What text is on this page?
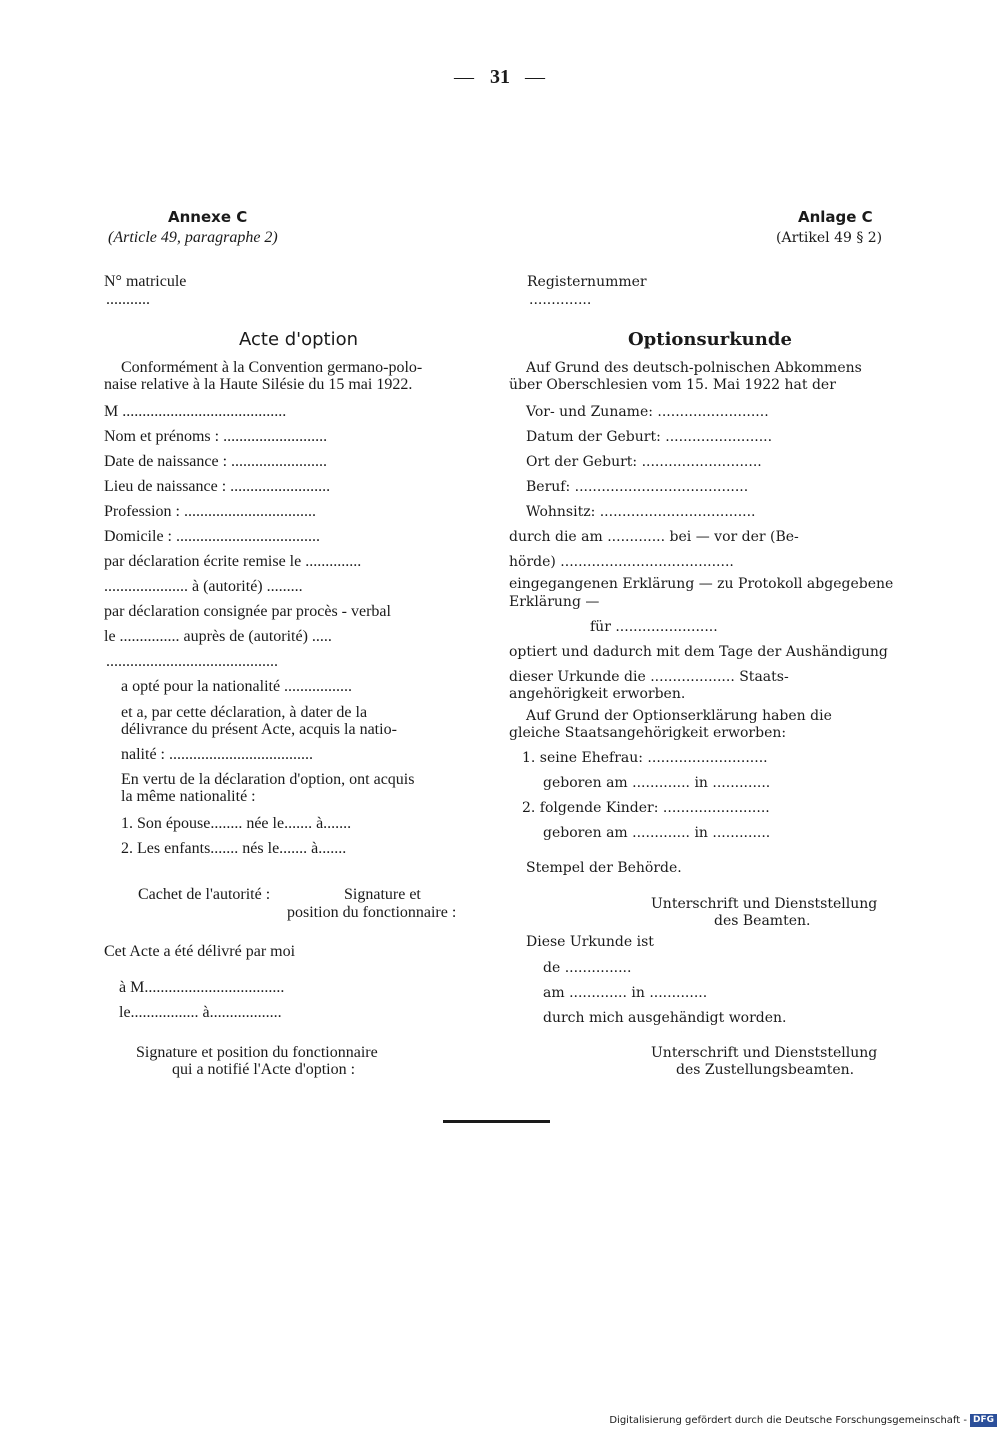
— 31 —
Annexe C
(Article 49, paragraphe 2)
N° matricule
...........
Acte d'option
Conformément à la Convention germano-polo-
naise relative à la Haute Silésie du 15 mai 1922.
M .........................................
Nom et prénoms : ..........................
Date de naissance : ........................
Lieu de naissance : .........................
Profession : .................................
Domicile : ....................................
par déclaration écrite remise le ..............
..................... à (autorité) .........
par déclaration consignée par procès - verbal
le ............... auprès de (autorité) .....
...........................................
a opté pour la nationalité .................
et a, par cette déclaration, à dater de la
délivrance du présent Acte, acquis la natio-
nalité : ....................................
En vertu de la déclaration d'option, ont acquis
la même nationalité :
1. Son épouse........ née le....... à.......
2. Les enfants....... nés le....... à.......
Cachet de l'autorité :	Signature et
position du fonctionnaire :
Cet Acte a été délivré par moi
à M...................................
le................. à..................
Signature et position du fonctionnaire
qui a notifié l'Acte d'option :
Anlage C
(Artikel 49 § 2)
Registernummer
..............
Optionsurkunde
Auf Grund des deutsch-polnischen Abkommens
über Oberschlesien vom 15. Mai 1922 hat der
Vor- und Zuname: .........................
Datum der Geburt: ........................
Ort der Geburt: ...........................
Beruf: .......................................
Wohnsitz: ...................................
durch die am ............. bei — vor der (Be-
hörde) .......................................
eingegangenen Erklärung — zu Protokoll abgegebene
Erklärung —
für .......................
optiert und dadurch mit dem Tage der Aushändigung
dieser Urkunde die ................... Staats-
angehörigkeit erworben.
Auf Grund der Optionserklärung haben die
gleiche Staatsangehörigkeit erworben:
1. seine Ehefrau: ...........................
geboren am ............. in .............
2. folgende Kinder: ........................
geboren am ............. in .............
Stempel der Behörde.
Unterschrift und Dienststellung
des Beamten.
Diese Urkunde ist
de ...............
am ............. in .............
durch mich ausgehändigt worden.
Unterschrift und Dienststellung
des Zustellungsbeamten.
Digitalisierung gefördert durch die Deutsche Forschungsgemeinschaft - DFG
